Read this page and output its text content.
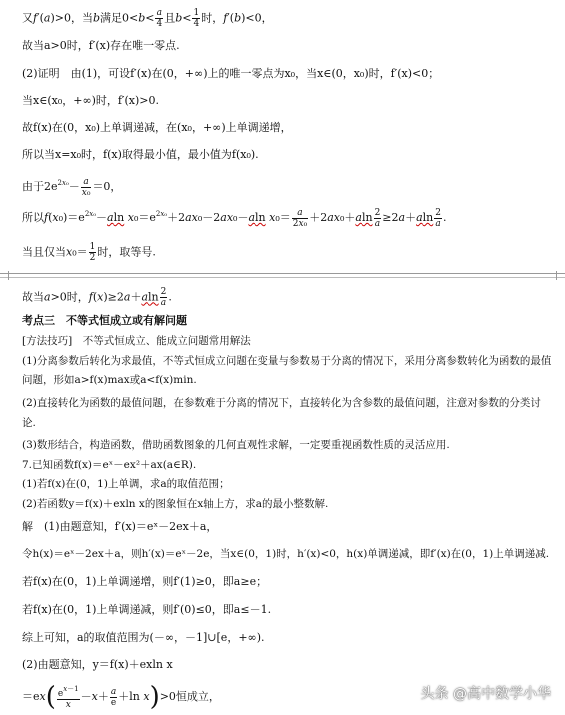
又f′(a)>0，当b满足$0<b< \frac{a}{4}$ 且$b< \frac{1}{4}$ 时，f′(b)<0，
故当a>0时，f′(x)存在唯一零点.
(2)证明　由(1)，可设f′(x)在(0，+∞)上的唯一零点为x₀，当x∈(0，x₀)时，f′(x)<0；
当x∈(x₀，+∞)时，f′(x)>0.
故f(x)在(0，x₀)上单调递减，在(x₀，+∞)上单调递增，
所以当x=x₀时，f(x)取得最小值，最小值为f(x₀).
由于$2e^{2x_0}- \frac{a}{\text{x₀}} =0$，
所以$f(x_0)=e^{2x_0}-aln$ $x_0=e^{2x_0}+2ax_0-2ax_0-aln$ $x_0= \frac{a}{\text{2x₀}} +2ax_0+aln \frac{2}{a} \ge 2a+aln \frac{2}{a}$ .
当且仅当$x_0= \frac{1}{2}$ 时，取等号.
故当a>0时，$f(x)\ge 2a+aln \frac{2}{a}$ .
考点三　不等式恒成立或有解问题
[方法技巧]　不等式恒成立、能成立问题常用解法
(1)分离参数后转化为求最值，不等式恒成立问题在变量与参数易于分离的情况下，采用分离参数转化为函数的最值
问题，形如a>f(x)max或a<f(x)min.
(2)直接转化为函数的最值问题，在参数难于分离的情况下，直接转化为含参数的最值问题，注意对参数的分类讨
论.
(3)数形结合，构造函数，借助函数图象的几何直观性求解，一定要重视函数性质的灵活应用.
7.已知函数f(x)＝eˣ－ex²＋ax(a∈R).
(1)若f(x)在(0，1)上单调，求a的取值范围；
(2)若函数y＝f(x)＋exln x的图象恒在x轴上方，求a的最小整数解.
解　(1)由题意知，f′(x)＝eˣ－2ex＋a，
令h(x)＝eˣ－2ex＋a，则h′(x)＝eˣ－2e，当x∈(0，1)时，h′(x)<0，h(x)单调递减，即f′(x)在(0，1)上单调递减.
若f(x)在(0，1)上单调递增，则f′(1)≥0，即a≥e；
若f(x)在(0，1)上单调递减，则f′(0)≤0，即a≤－1.
综上可知，a的取值范围为(－∞，－1]∪[e，+∞).
(2)由题意知，y＝f(x)＋exln x
$=ex( \frac{e^{x-1}}{x} -x+ \frac{a}{e} +\ln$ x)>0恒成立，	头条 @高中数学小华
